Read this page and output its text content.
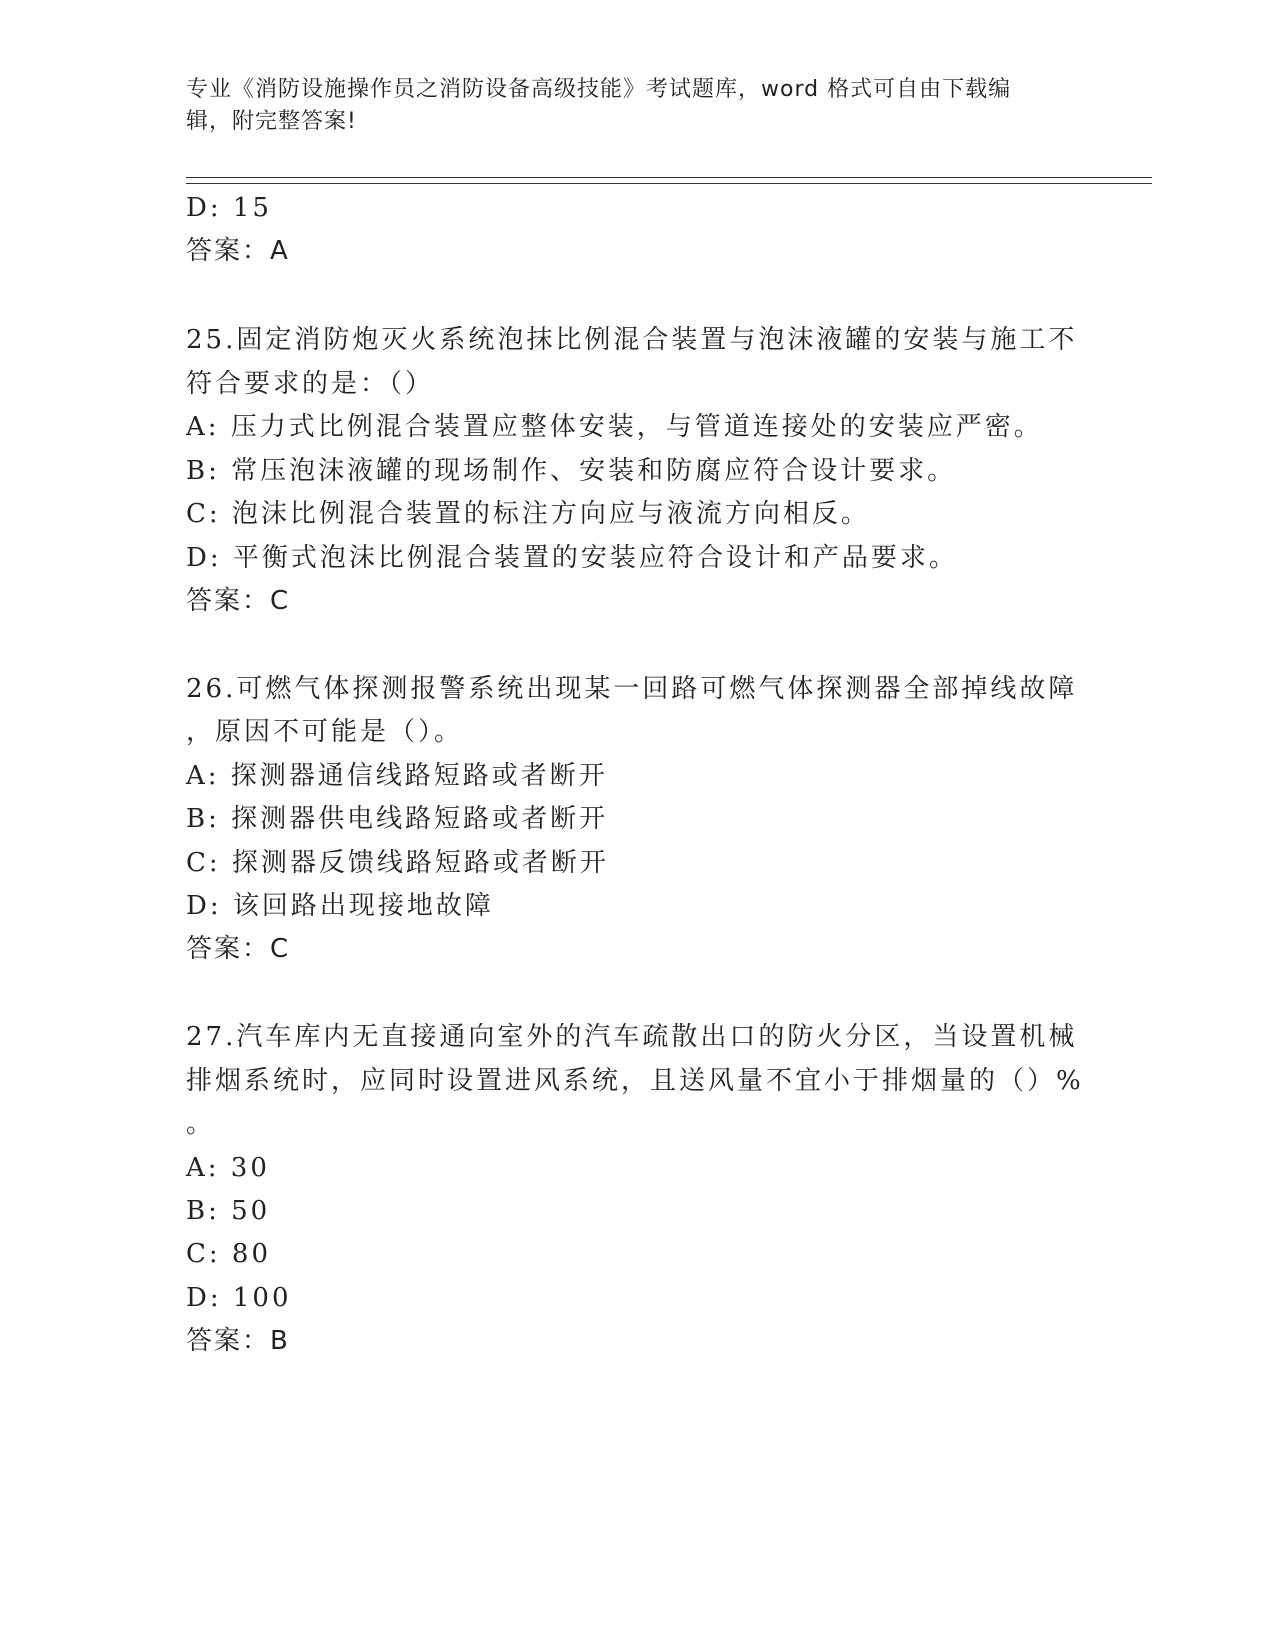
专业《消防设施操作员之消防设备高级技能》考试题库，word 格式可自由下载编
辑，附完整答案!
D: 15
答案：A
25.固定消防炮灭火系统泡抹比例混合装置与泡沫液罐的安装与施工不
符合要求的是：（）
A: 压力式比例混合装置应整体安装，与管道连接处的安装应严密。
B: 常压泡沫液罐的现场制作、安装和防腐应符合设计要求。
C: 泡沫比例混合装置的标注方向应与液流方向相反。
D: 平衡式泡沫比例混合装置的安装应符合设计和产品要求。
答案：C
26.可燃气体探测报警系统出现某一回路可燃气体探测器全部掉线故障
，原因不可能是（）。
A: 探测器通信线路短路或者断开
B: 探测器供电线路短路或者断开
C: 探测器反馈线路短路或者断开
D: 该回路出现接地故障
答案：C
27.汽车库内无直接通向室外的汽车疏散出口的防火分区，当设置机械
排烟系统时，应同时设置进风系统，且送风量不宜小于排烟量的（）%
。
A: 30
B: 50
C: 80
D: 100
答案：B
